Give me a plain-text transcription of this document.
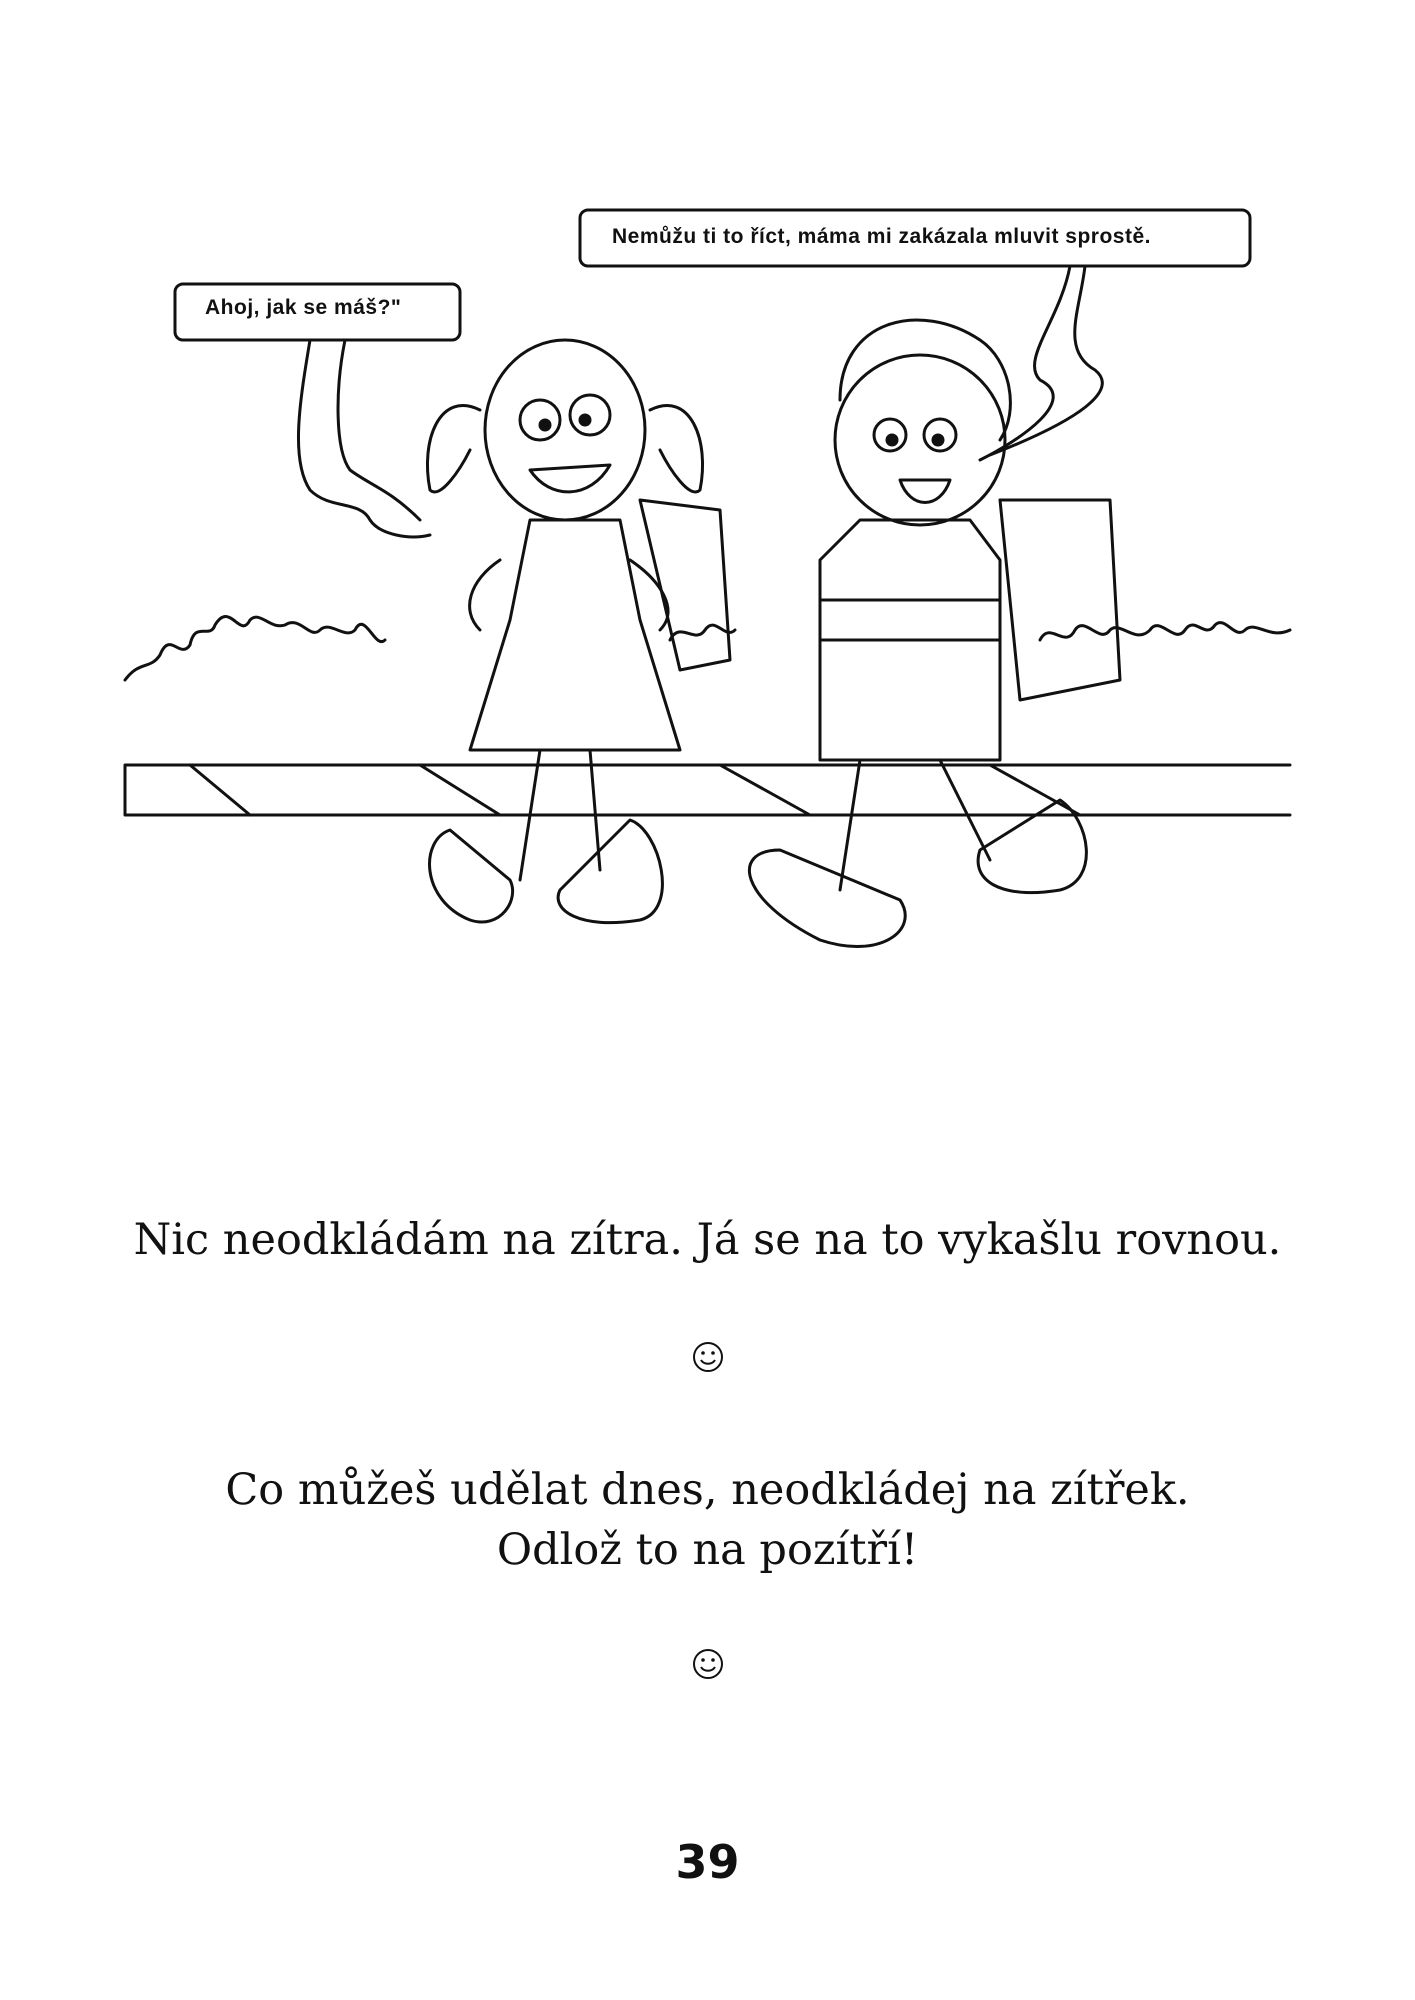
Ahoj, jak se máš?"
Nemůžu ti to říct, máma mi zakázala mluvit sprostě.
Nic neodkládám na zítra. Já se na to vykašlu rovnou.
Co můžeš udělat dnes, neodkládej na zítřek.
Odlož to na pozítří!
39
